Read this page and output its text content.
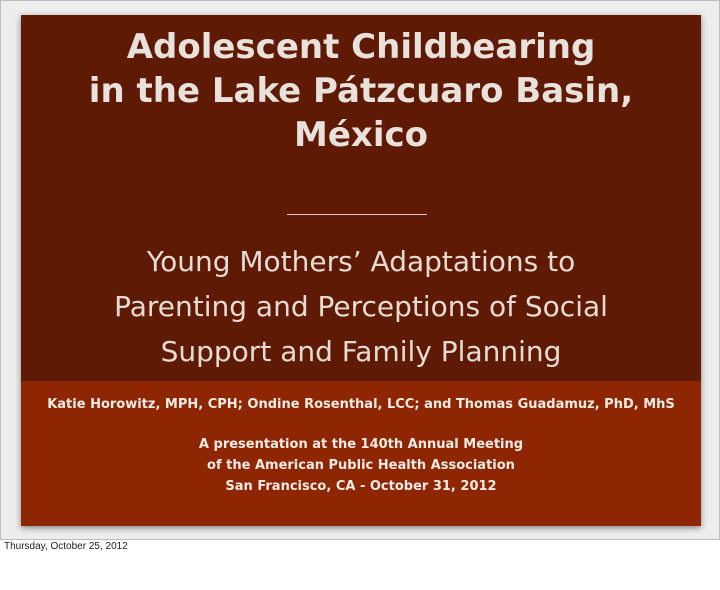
Adolescent Childbearing
in the Lake Pátzcuaro Basin,
México
Young Mothers’ Adaptations to
Parenting and Perceptions of Social
Support and Family Planning
Katie Horowitz, MPH, CPH; Ondine Rosenthal, LCC; and Thomas Guadamuz, PhD, MhS
A presentation at the 140th Annual Meeting
of the American Public Health Association
San Francisco, CA - October 31, 2012
Thursday, October 25, 2012
